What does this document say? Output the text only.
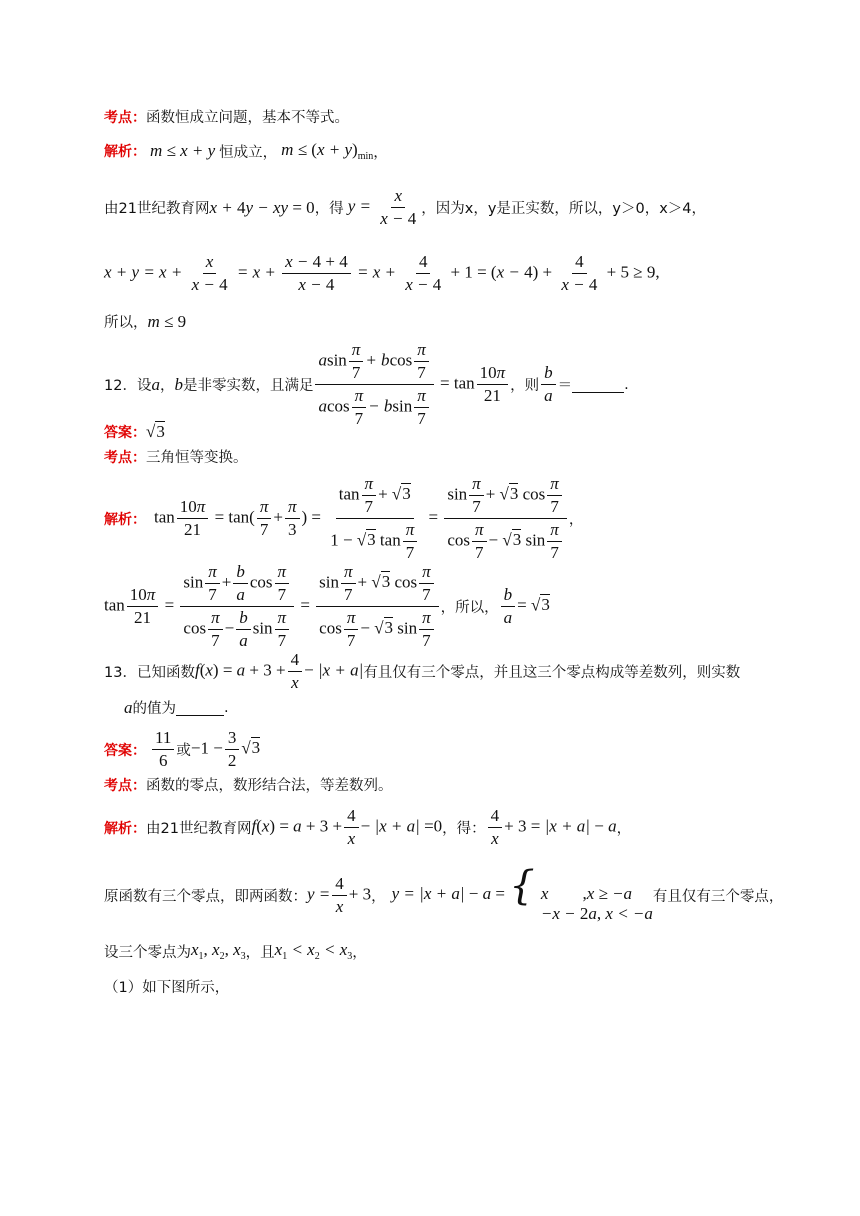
考点： 函数恒成立问题，基本不等式。
解析： m ≤ x + y 恒成立， $m \le (x + y)_{min}$ ，
由21世纪教育网 x + 4y − xy = 0 ，得 $y = \frac{x}{x - 4}$ ，因为x，y是正实数，所以，y＞0，x＞4，
$x + y = x + \frac{x}{x - 4} = x + \frac{x - 4 + 4}{x - 4} = x + \frac{4}{x - 4} + 1 = (x - 4) + \frac{4}{x - 4} + 5 \ge 9$,
所以， m ≤ 9
12． 设 a ， b 是非零实数，且满足 $\frac{asin \frac{\pi}{7} + bcos \frac{\pi}{7}}{acos \frac{\pi}{7} - bsin \frac{\pi}{7}} = \tan \frac{10\pi}{21}$ ，则 $\frac{b}{a}$ ＝
	.
答案： √3
考点： 三角恒等变换。
解析： $\tan \frac{10\pi}{21} = \tan( \frac{\pi}{7} + \frac{\pi}{3}$ ) = $\frac{\tan \frac{\pi}{7} + √3}{1 - √3 \tan \frac{\pi}{7}} = \frac{\sin \frac{\pi}{7} + √3 \cos \frac{\pi}{7}}{\cos \frac{\pi}{7} - √3 \sin \frac{\pi}{7}}$ ，
$\tan \frac{10\pi}{21} = \frac{\sin \frac{\pi}{7} + \frac{b}{a} \cos \frac{\pi}{7}}{\cos \frac{\pi}{7} - \frac{b}{a} \sin \frac{\pi}{7}} = \frac{\sin \frac{\pi}{7} + √3 \cos \frac{\pi}{7}}{\cos \frac{\pi}{7} - √3 \sin \frac{\pi}{7}}$ ，所以， $\frac{b}{a} = √3$
13． 已知函数 $f(x) = a + 3 + \frac{4}{x} - |x + a|$ 有且仅有三个零点，并且这三个零点构成等差数列，则实数
a 的值为
	.
答案： $\frac{11}{6}$ 或 $-1 - \frac{3}{2} √3$
考点： 函数的零点，数形结合法，等差数列。
解析： 由21世纪教育网 $f(x) = a + 3 + \frac{4}{x} - |x + a| =0$ ，得： $\frac{4}{x} + 3 = |x + a| - a$ ，
原函数有三个零点，即两函数： $y = \frac{4}{x} + 3$ ， y = |x + a| − a = { x        ,x ≥ −a
−x − 2a, x < −a
有且仅有三个零点，
设三个零点为 $x_1$, $x_2$, $x_3$ ，且 $x_1 < x_2 < x_3$ ，
（1）如下图所示，
